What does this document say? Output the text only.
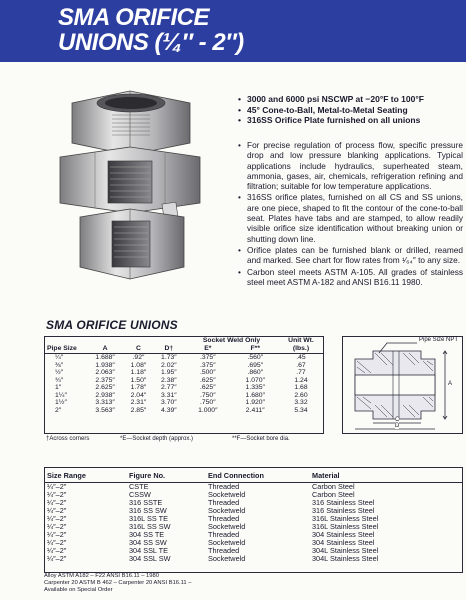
SMA ORIFICE
UNIONS (¼″ - 2″)
• 3000 and 6000 psi NSCWP at −20°F to 100°F
• 45° Cone-to-Ball, Metal-to-Metal Seating
• 316SS Orifice Plate furnished on all unions
• For precise regulation of process flow, specific pressure drop and low pressure blanking applications. Typical applications include hydraulics, superheated steam, ammonia, gases, air, chemicals, refrigeration refining and filtration; suitable for low temperature applications.
• 316SS orifice plates, furnished on all CS and SS unions, are one piece, shaped to fit the contour of the cone-to-ball seat. Plates have tabs and are stamped, to allow readily visible orifice size identification without breaking union or shutting down line.
• Orifice plates can be furnished blank or drilled, reamed and marked. See chart for flow rates from ¹⁄₆₄″ to any size.
• Carbon steel meets ASTM A-105. All grades of stainless steel meet ASTM A-182 and ANSI B16.11 1980.
SMA ORIFICE UNIONS
Pipe Size	A	C	D†	Socket Weld Only		Unit Wt. (lbs.)
				E*	F**	
¼″	1.688″	.92″	1.73″	.375″	.560″	.45
⅜″	1.938″	1.08″	2.02″	.375″	.695″	.67
½″	2.063″	1.18″	1.95″	.500″	.860″	.77
¾″	2.375″	1.50″	2.38″	.625″	1.070″	1.24
1″	2.625″	1.78″	2.77″	.625″	1.335″	1.68
1¼″	2.938″	2.04″	3.31″	.750″	1.680″	2.60
1½″	3.313″	2.31″	3.70″	.750″	1.920″	3.32
2″	3.563″	2.85″	4.39″	1.000″	2.411″	5.34
†Across corners	*E—Socket depth (approx.)	**F—Socket bore dia.
Pipe Size NPT
A
C
D
Size Range	Figure No.	End Connection	Material
¼″–2″	CSTE	Threaded	Carbon Steel
¼″–2″	CSSW	Socketweld	Carbon Steel
¼″–2″	316 SSTE	Threaded	316 Stainless Steel
¼″–2″	316 SS SW	Socketweld	316 Stainless Steel
¼″–2″	316L SS TE	Threaded	316L Stainless Steel
¼″–2″	316L SS SW	Socketweld	316L Stainless Steel
¼″–2″	304 SS TE	Threaded	304 Stainless Steel
¼″–2″	304 SS SW	Socketweld	304 Stainless Steel
¼″–2″	304 SSL TE	Threaded	304L Stainless Steel
¼″–2″	304 SSL SW	Socketweld	304L Stainless Steel
Alloy ASTM A182 – F22 ANSI B16.11 – 1980
Carpenter 20 ASTM B 462 – Carpenter 20 ANSI B16.11 –
Available on Special Order
